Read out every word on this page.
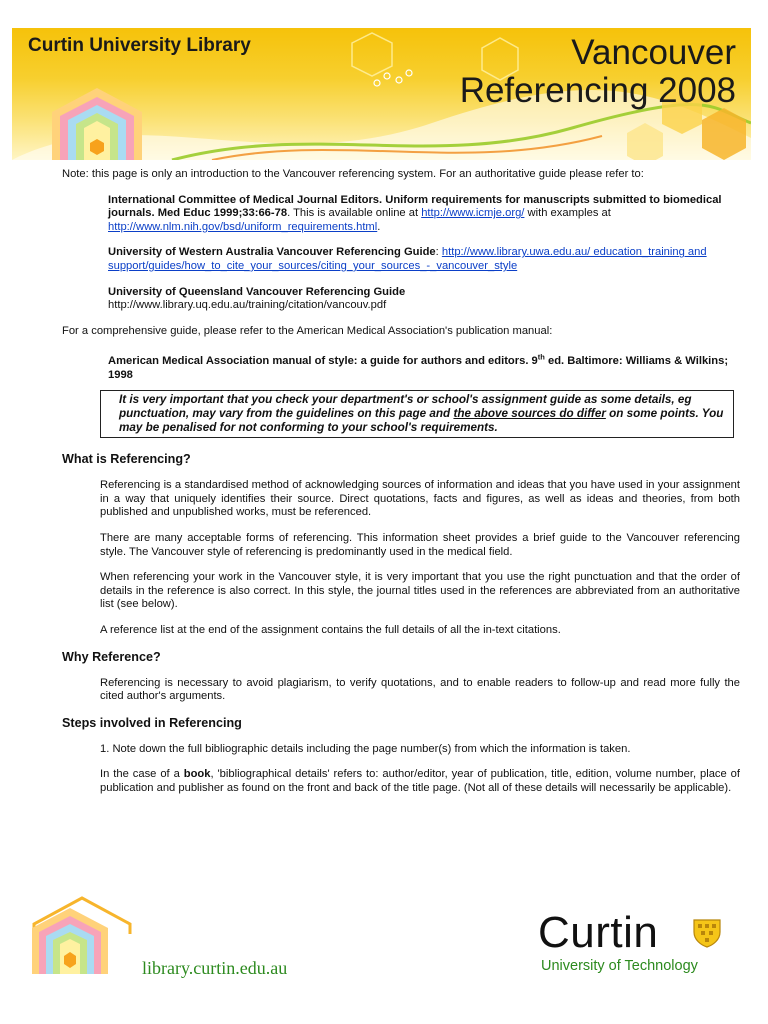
Curtin University Library	Vancouver
Referencing 2008

Note: this page is only an introduction to the Vancouver referencing system. For an authoritative guide please refer to:

International Committee of Medical Journal Editors. Uniform requirements for manuscripts submitted to biomedical journals. Med Educ 1999;33:66-78. This is available online at http://www.icmje.org/ with examples at http://www.nlm.nih.gov/bsd/uniform_requirements.html.

University of Western Australia Vancouver Referencing Guide: http://www.library.uwa.edu.au/ education_training and support/guides/how_to_cite_your_sources/citing_your_sources_-_vancouver_style

University of Queensland Vancouver Referencing Guide
http://www.library.uq.edu.au/training/citation/vancouv.pdf

For a comprehensive guide, please refer to the American Medical Association's publication manual:

American Medical Association manual of style: a guide for authors and editors. 9th ed. Baltimore: Williams & Wilkins; 1998

It is very important that you check your department's or school's assignment guide as some details, eg punctuation, may vary from the guidelines on this page and the above sources do differ on some points. You may be penalised for not conforming to your school's requirements.
What is Referencing?

Referencing is a standardised method of acknowledging sources of information and ideas that you have used in your assignment in a way that uniquely identifies their source. Direct quotations, facts and figures, as well as ideas and theories, from both published and unpublished works, must be referenced.

There are many acceptable forms of referencing. This information sheet provides a brief guide to the Vancouver referencing style. The Vancouver style of referencing is predominantly used in the medical field.

When referencing your work in the Vancouver style, it is very important that you use the right punctuation and that the order of details in the reference is also correct. In this style, the journal titles used in the references are abbreviated from an authoritative list (see below).

A reference list at the end of the assignment contains the full details of all the in-text citations.

Why Reference?

Referencing is necessary to avoid plagiarism, to verify quotations, and to enable readers to follow-up and read more fully the cited author's arguments.

Steps involved in Referencing

1. Note down the full bibliographic details including the page number(s) from which the information is taken.

In the case of a book, 'bibliographical details' refers to: author/editor, year of publication, title, edition, volume number, place of publication and publisher as found on the front and back of the title page. (Not all of these details will necessarily be applicable).

library.curtin.edu.au
Curtin
University of Technology
